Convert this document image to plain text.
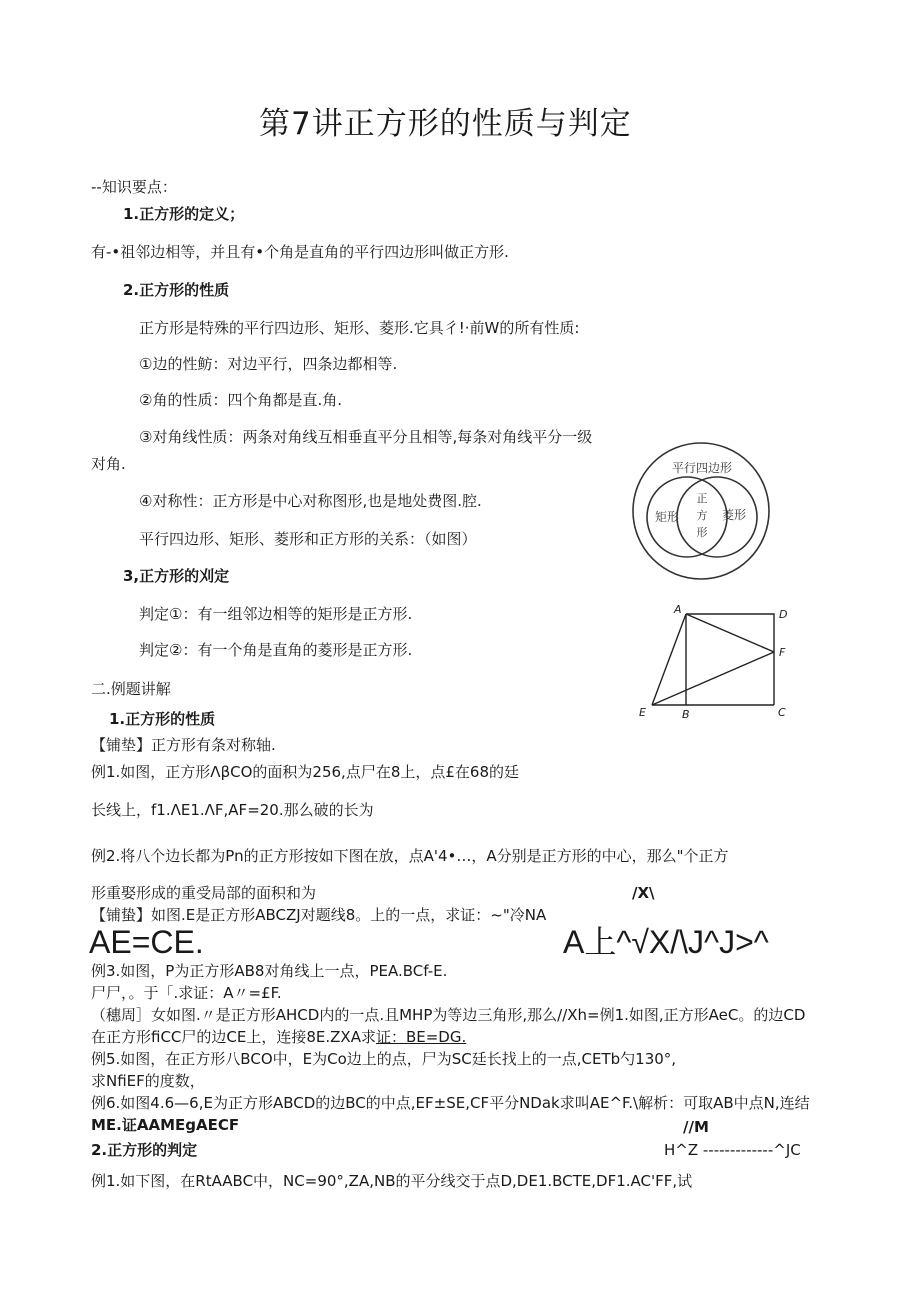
第7讲正方形的性质与判定
--知识要点：
1.正方形的定义；
有-•祖邻边相等，并且有•个角是直角的平行四边形叫做正方形.
2.正方形的性质
正方形是特殊的平行四边形、矩形、菱形.它具彳!·前W的所有性质:
①边的性鲂：对边平行，四条边都相等.
②角的性质：四个角都是直.角.
③对角线性质：两条对角线互相垂直平分且相等,每条对角线平分一级
对角.
④对称性：正方形是中心对称图形,也是地处费图.腔.
平行四边形、矩形、菱形和正方形的关系：（如图）
3,正方形的刈定
判定①：有一组邻边相等的矩形是正方形.
判定②：有一个角是直角的菱形是正方形.
二.例题讲解
1.正方形的性质
【铺垫】正方形有条对称轴.
例1.如图，正方形ΛβCO的面积为256,点尸在8上，点£在68的廷
长线上，f1.ΛE1.ΛF,AF=20.那么破的长为
例2.将八个边长都为Pn的正方形按如下图在放，点A'4•…，A分别是正方形的中心，那么"个正方
形重娶形成的重受局部的面积和为	/X\
【铺蛰】如图.E是正方形ABCZJ对题线8。上的一点，求证：~"冷NA
AE=CE.	A上^√X/\J^J>^
例3.如图，P为正方形AB8对角线上一点，PEA.BCf-E.
尸尸，。于「.求证：A〃=£F.
（穗周］女如图.〃是正方形AHCD内的一点.且MHP为等边三角形,那么//Xh=例1.如图,正方形AeC。的边CD
在正方形fiCC尸的边CE上，连接8E.ZXA求证：BE=DG.
例5.如图，在正方形八BCO中，E为Co边上的点，尸为SC廷长找上的一点,CETb勺130°,
求NfiEF的度数，
例6.如图4.6—6,E为正方形ABCD的边BC的中点,EF±SE,CF平分NDak求叫AE^F.\解析：可取AB中点N,连结
ME.证AAMEgAECF	//M
2.正方形的判定	H^Z -------------^JC
例1.如下图，在RtAABC中，NC=90°,ZA,NB的平分线交于点D,DE1.BCTE,DF1.AC'FF,试
平行四边形
矩形	菱形
正
方
形
A	D
F
E	B	C
